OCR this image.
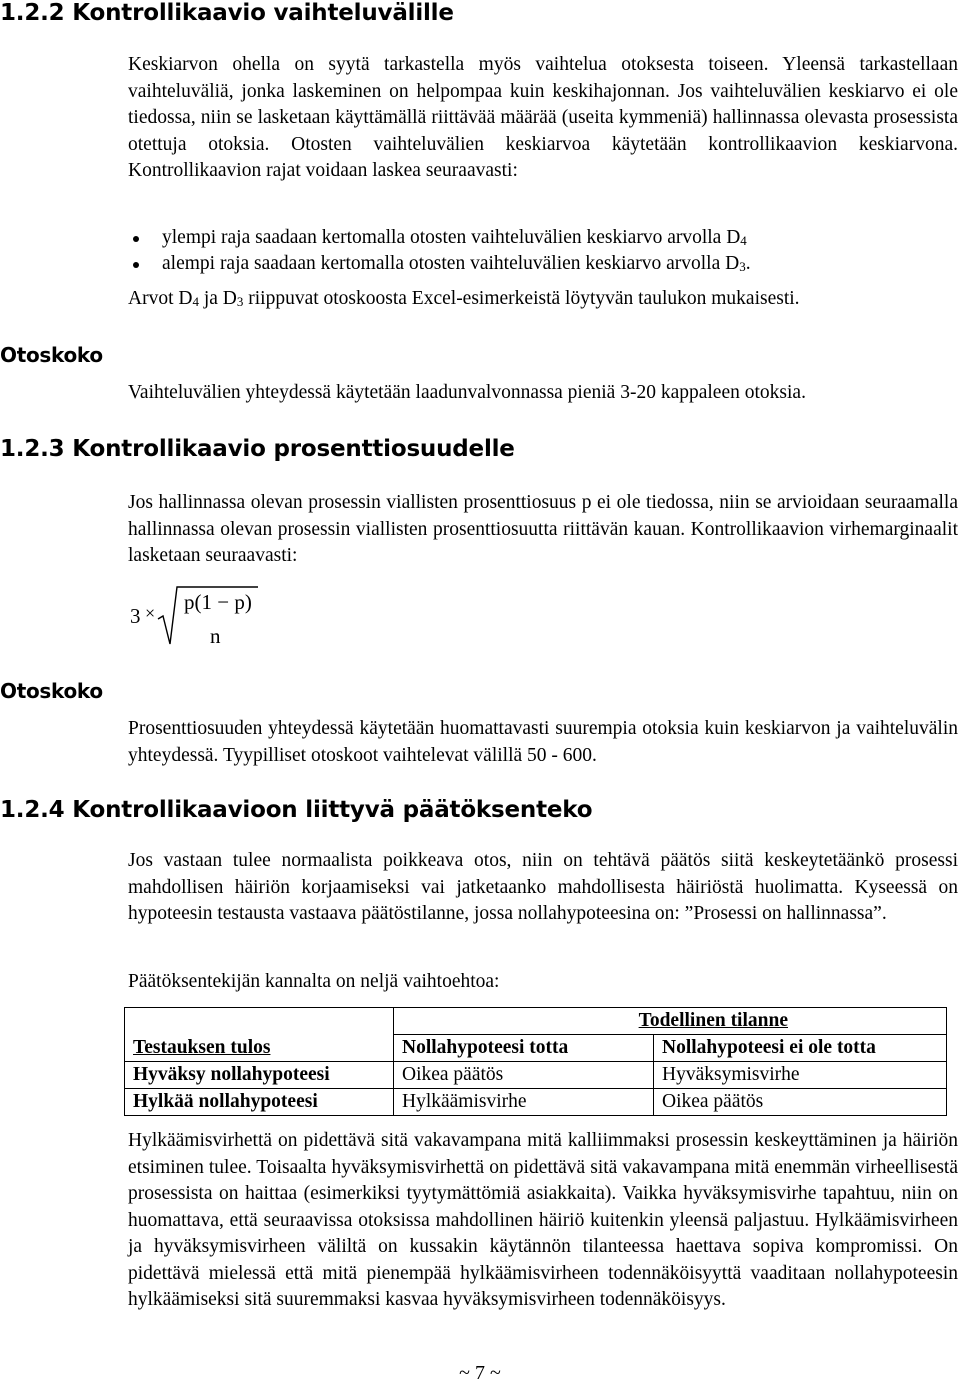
1.2.2 Kontrollikaavio vaihteluvälille

Keskiarvon ohella on syytä tarkastella myös vaihtelua otoksesta toiseen. Yleensä tarkastellaan vaihteluväliä, jonka laskeminen on helpompaa kuin keskihajonnan. Jos vaihteluvälien keskiarvo ei ole tiedossa, niin se lasketaan käyttämällä riittävää määrää (useita kymmeniä) hallinnassa olevasta prosessista otettuja otoksia. Otosten vaihteluvälien keskiarvoa käytetään kontrollikaavion keskiarvona. Kontrollikaavion rajat voidaan laskea seuraavasti:

ylempi raja saadaan kertomalla otosten vaihteluvälien keskiarvo arvolla $D_4$
alempi raja saadaan kertomalla otosten vaihteluvälien keskiarvo arvolla $D_3$.
Arvot $D_4$ ja $D_3$ riippuvat otoskoosta Excel-esimerkeistä löytyvän taulukon mukaisesti.
Otoskoko
Vaihteluvälien yhteydessä käytetään laadunvalvonnassa pieniä 3-20 kappaleen otoksia.
1.2.3 Kontrollikaavio prosenttiosuudelle

Jos hallinnassa olevan prosessin viallisten prosenttiosuus p ei ole tiedossa, niin se arvioidaan seuraamalla hallinnassa olevan prosessin viallisten prosenttiosuutta riittävän kauan. Kontrollikaavion virhemarginaalit lasketaan seuraavasti:

3 × p(1 − p)
n
Otoskoko

Prosenttiosuuden yhteydessä käytetään huomattavasti suurempia otoksia kuin keskiarvon ja vaihteluvälin yhteydessä. Tyypilliset otoskoot vaihtelevat välillä 50 - 600.

1.2.4 Kontrollikaavioon liittyvä päätöksenteko

Jos vastaan tulee normaalista poikkeava otos, niin on tehtävä päätös siitä keskeytetäänkö prosessi mahdollisen häiriön korjaamiseksi vai jatketaanko mahdollisesta häiriöstä huolimatta. Kyseessä on hypoteesin testausta vastaava päätöstilanne, jossa nollahypoteesina on: ”Prosessi on hallinnassa”.

Päätöksentekijän kannalta on neljä vaihtoehtoa:
	Todellinen tilanne	
Testauksen tulos	Nollahypoteesi totta	Nollahypoteesi ei ole totta
Hyväksy nollahypoteesi	Oikea päätös	Hyväksymisvirhe
Hylkää nollahypoteesi	Hylkäämisvirhe	Oikea päätös

Hylkäämisvirhettä on pidettävä sitä vakavampana mitä kalliimmaksi prosessin keskeyttäminen ja häiriön etsiminen tulee. Toisaalta hyväksymisvirhettä on pidettävä sitä vakavampana mitä enemmän virheellisestä prosessista on haittaa (esimerkiksi tyytymättömiä asiakkaita). Vaikka hyväksymisvirhe tapahtuu, niin on huomattava, että seuraavissa otoksissa mahdollinen häiriö kuitenkin yleensä paljastuu. Hylkäämisvirheen ja hyväksymisvirheen väliltä on kussakin käytännön tilanteessa haettava sopiva kompromissi. On pidettävä mielessä että mitä pienempää hylkäämisvirheen todennäköisyyttä vaaditaan nollahypoteesin hylkäämiseksi sitä suuremmaksi kasvaa hyväksymisvirheen todennäköisyys.

~ 7 ~
